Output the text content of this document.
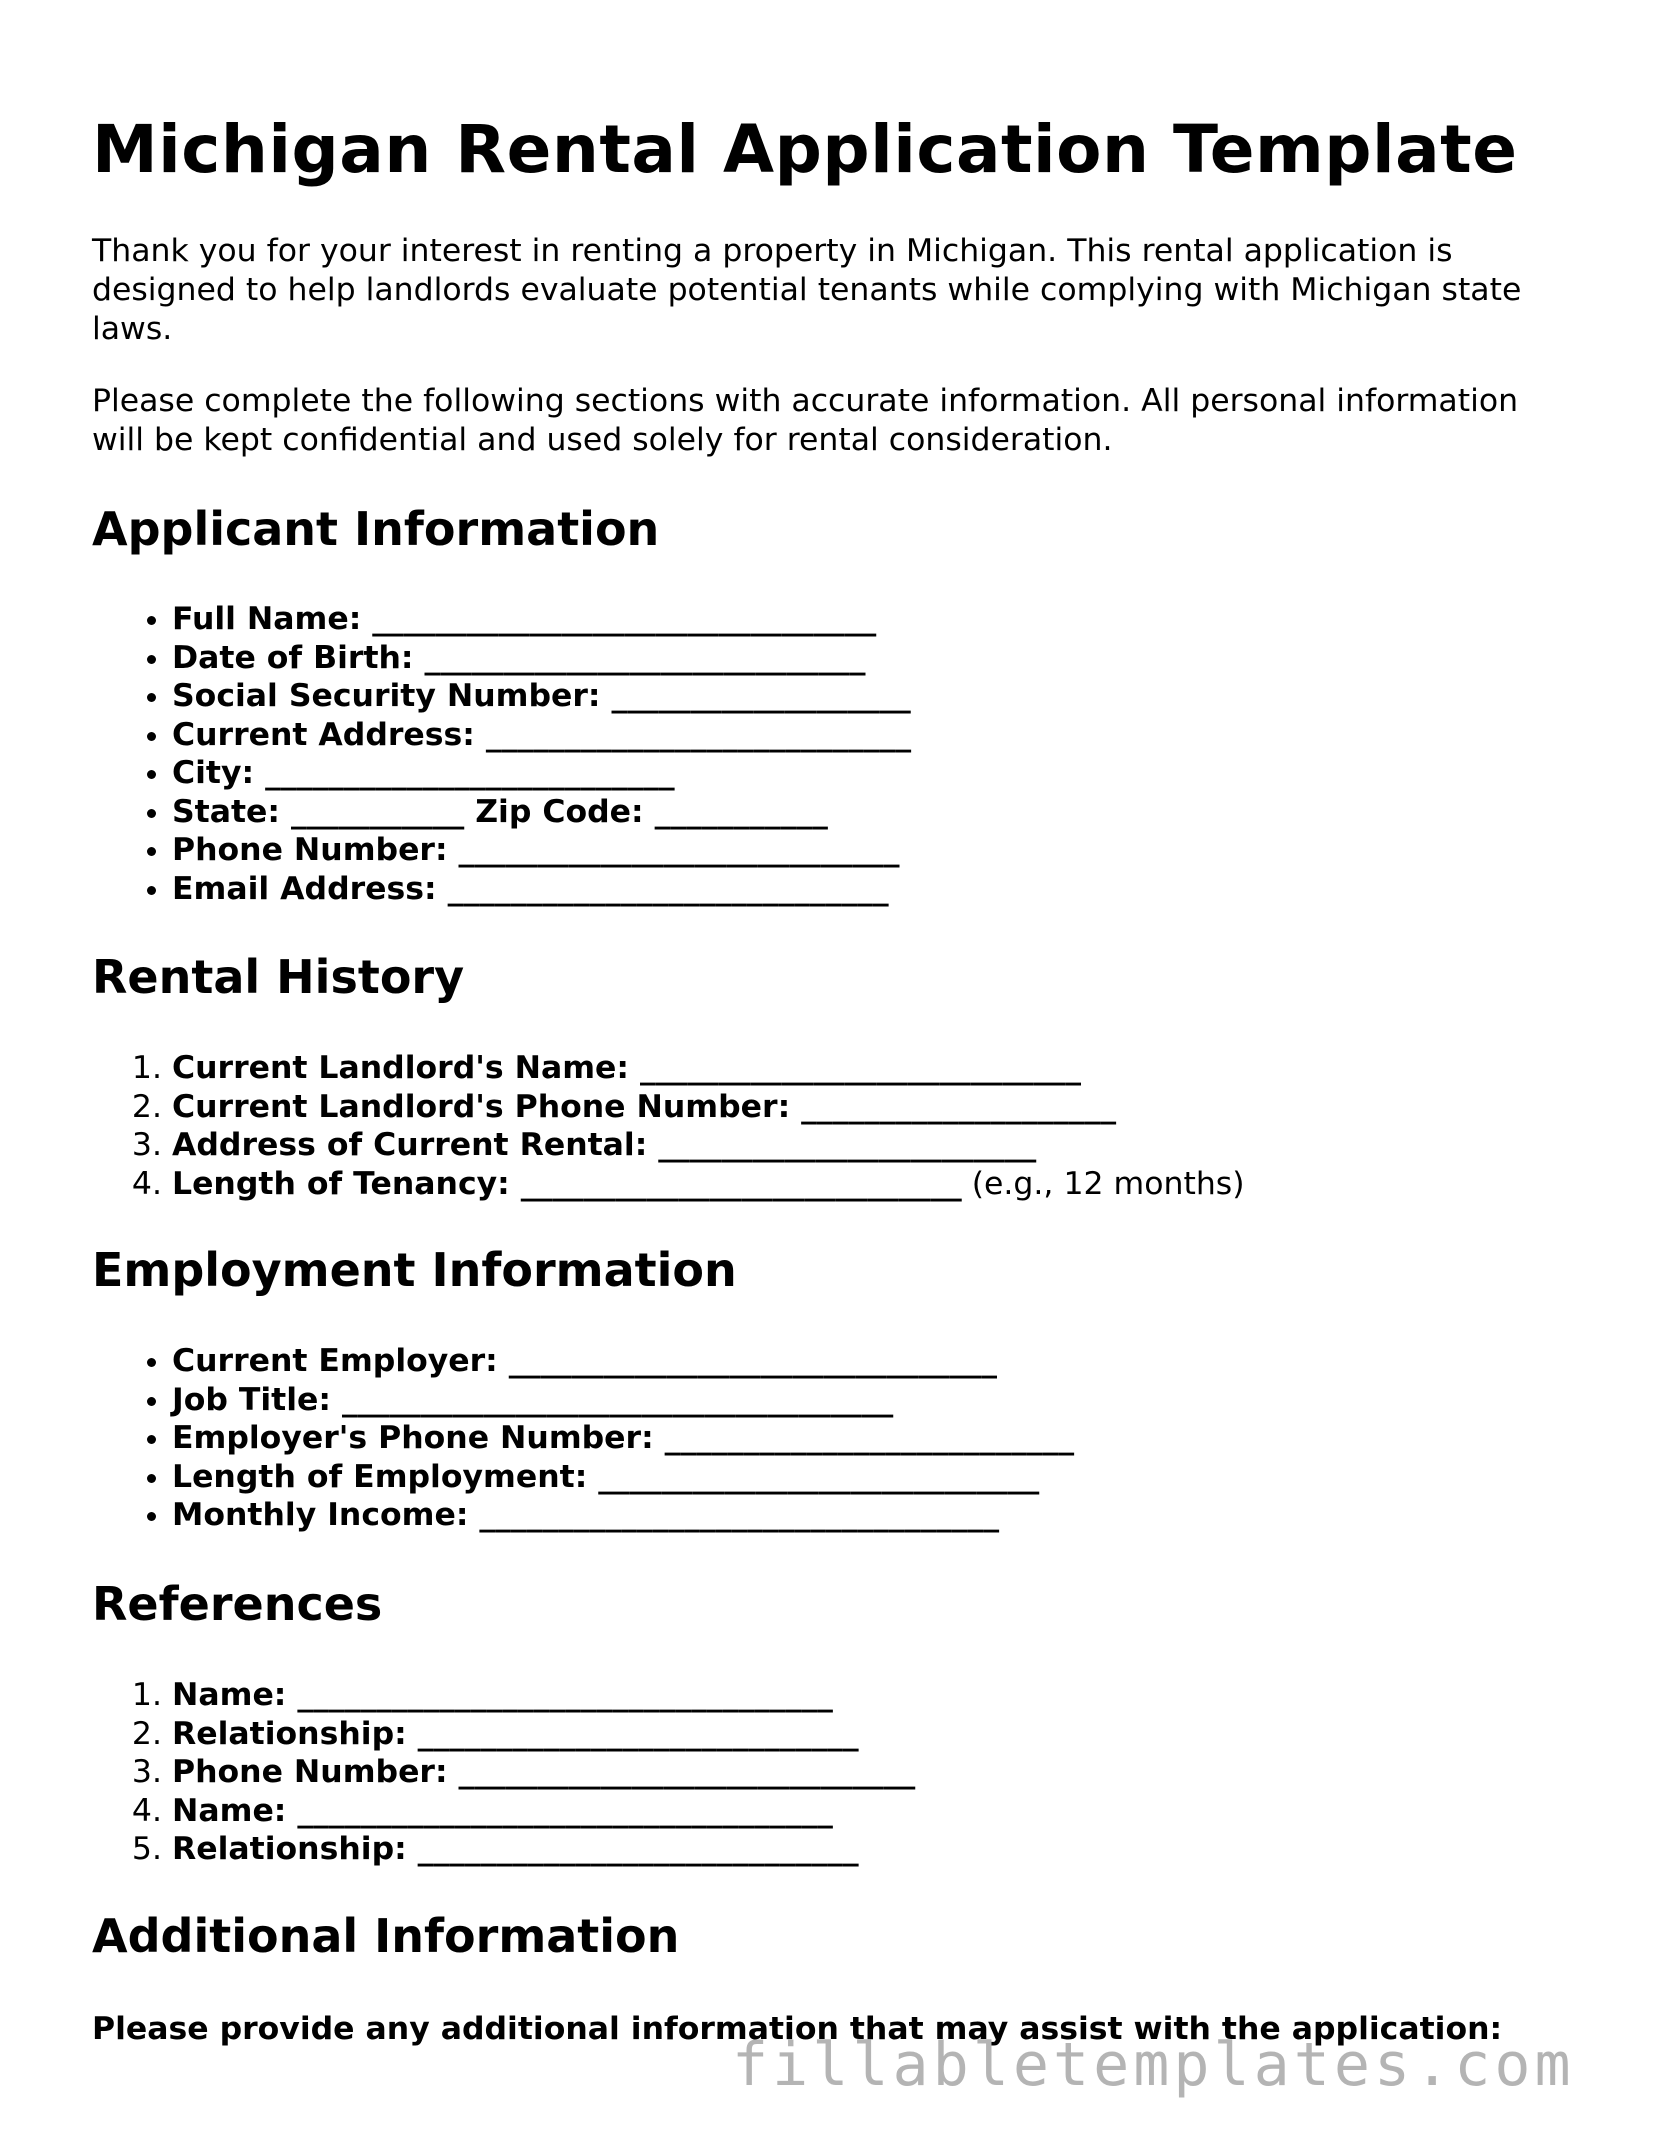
Michigan Rental Application Template

Thank you for your interest in renting a property in Michigan. This rental application is designed to help landlords evaluate potential tenants while complying with Michigan state laws.

Please complete the following sections with accurate information. All personal information will be kept confidential and used solely for rental consideration.

Applicant Information
• Full Name: ________________________________
• Date of Birth: ____________________________
• Social Security Number: ___________________
• Current Address: ___________________________
• City: __________________________
• State: ___________ Zip Code: ___________
• Phone Number: ____________________________
• Email Address: ____________________________
Rental History
1. Current Landlord's Name: ____________________________
2. Current Landlord's Phone Number: ____________________
3. Address of Current Rental: ________________________
4. Length of Tenancy: ____________________________ (e.g., 12 months)
Employment Information
• Current Employer: _______________________________
• Job Title: ___________________________________
• Employer's Phone Number: __________________________
• Length of Employment: ____________________________
• Monthly Income: _________________________________
References
1. Name: __________________________________
2. Relationship: ____________________________
3. Phone Number: _____________________________
4. Name: __________________________________
5. Relationship: ____________________________
Additional Information
Please provide any additional information that may assist with the application:
fillabletemplates.com
